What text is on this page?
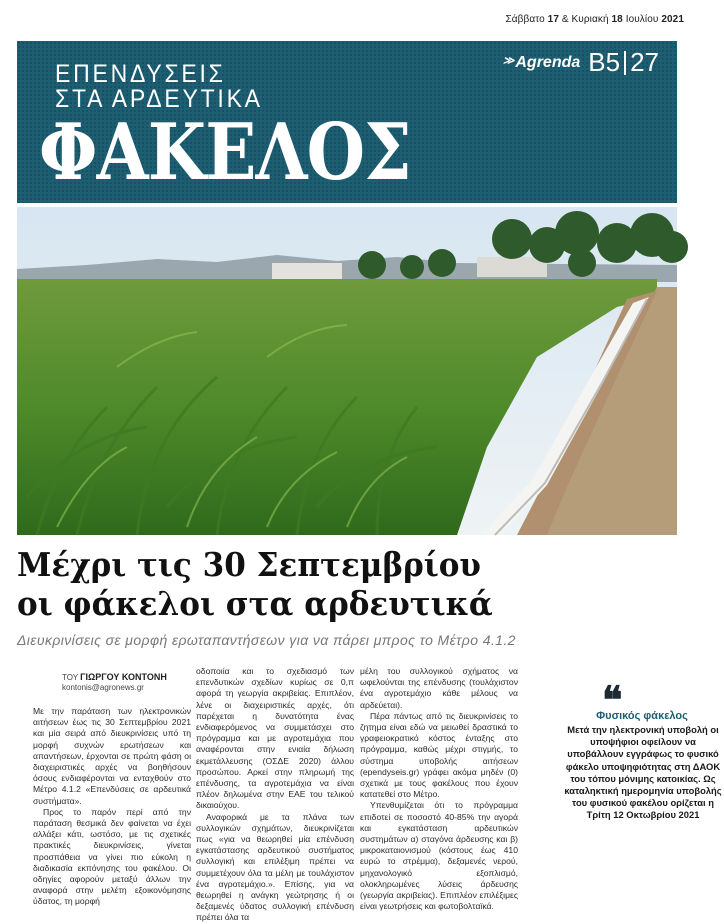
Σάββατο 17 & Κυριακή 18 Ιουλίου 2021
ΕΠΕΝΔΥΣΕΙΣ
ΣΤΑ ΑΡΔΕΥΤΙΚΑ
ΦΑΚΕΛΟΣ
≫ Agrenda B5 27
Μέχρι τις 30 Σεπτεμβρίου
οι φάκελοι στα αρδευτικά
Διευκρινίσεις σε μορφή ερωταπαντήσεων για να πάρει μπρος το Μέτρο 4.1.2
ΤΟΥ ΓΙΩΡΓΟΥ ΚΟΝΤΟΝΗ
kontonis@agronews.gr

Με την παράταση των ηλεκτρονικών αιτήσεων έως τις 30 Σεπτεμβρίου 2021 και μία σειρά από διευκρινίσεις υπό τη μορφή συχνών ερωτήσεων και απαντήσεων, έρχονται σε πρώτη φάση οι διαχειριστικές αρχές να βοηθήσουν όσους ενδιαφέρονται να ενταχθούν στο Μέτρο 4.1.2 «Επενδύσεις σε αρδευτικά συστήματα».

Προς το παρόν περί από την παράταση θεσμικά δεν φαίνεται να έχει αλλάξει κάτι, ωστόσο, με τις σχετικές πρακτικές διευκρινίσεις, γίνεται προσπάθεια να γίνει πιο εύκολη η διαδικασία εκπόνησης του φακέλου. Οι οδηγίες αφορούν μεταξύ άλλων την αναφορά στην μελέτη εξοικονόμησης ύδατος, τη μορφή

οδοποιία και το σχεδιασμό των επενδυτικών σχεδίων κυρίως σε 0,π αφορά τη γεωργία ακριβείας. Επιπλέον, λένε οι διαχειριστικές αρχές, ότι παρέχεται η δυνατότητα ένας ενδιαφερόμενος να συμμετάσχει στο πρόγραμμα και με αγροτεμάχια που αναφέρονται στην ενιαία δήλωση εκμετάλλευσης (ΟΣΔΕ 2020) άλλου προσώπου. Αρκεί στην πληρωμή της επένδυσης, τα αγροτεμάχια να είναι πλέον δηλωμένα στην ΕΑΕ του τελικού δικαιούχου.

Αναφορικά με τα πλάνα των συλλογικών σχημάτων, διευκρινίζεται πως «για να θεωρηθεί μία επένδυση εγκατάστασης αρδευτικού συστήματος συλλογική και επιλέξιμη πρέπει να συμμετέχουν όλα τα μέλη με τουλάχιστον ένα αγροτεμάχιο.». Επίσης, για να θεωρηθεί η ανάγκη γεώτρησης ή οι δεξαμενές ύδατος συλλογική επένδυση πρέπει όλα τα

μέλη του συλλογικού σχήματος να ωφελούνται της επένδυσης (τουλάχιστον ένα αγροτεμάχιο κάθε μέλους να αρδεύεται).

Πέρα πάντως από τις διευκρινίσεις το ζητημα είναι εδώ να μειωθεί δραστικά το γραφειοκρατικό κόστος ένταξης στο πρόγραμμα, καθώς μέχρι στιγμής, το σύστημα υποβολής αιτήσεων (ependyseis.gr) γράφει ακόμα μηδέν (0) σχετικά με τους φακέλους που έχουν κατατεθεί στο Μέτρο.

Υπενθυμίζεται ότι το πρόγραμμα επιδοτεί σε ποσοστό 40-85% την αγορά και εγκατάσταση αρδευτικών συστημάτων α) σταγόνα άρδευσης και β) μικροκαταιονισμού (κόστους έως 410 ευρώ το στρέμμα), δεξαμενές νερού, μηχανολογικό εξοπλισμό, ολοκληρωμένες λύσεις άρδευσης (γεωργία ακριβείας). Επιπλέον επιλέξιμες είναι γεωτρήσεις και φωτοβολταϊκά.

❝
Φυσικός φάκελος
Μετά την ηλεκτρονική υποβολή οι υποψήφιοι οφείλουν να υποβάλλουν εγγράφως το φυσικό φάκελο υποψηφιότητας στη ΔΑΟΚ του τόπου μόνιμης κατοικίας. Ως καταληκτική ημερομηνία υποβολής του φυσικού φακέλου ορίζεται η Τρίτη 12 Οκτωβρίου 2021
